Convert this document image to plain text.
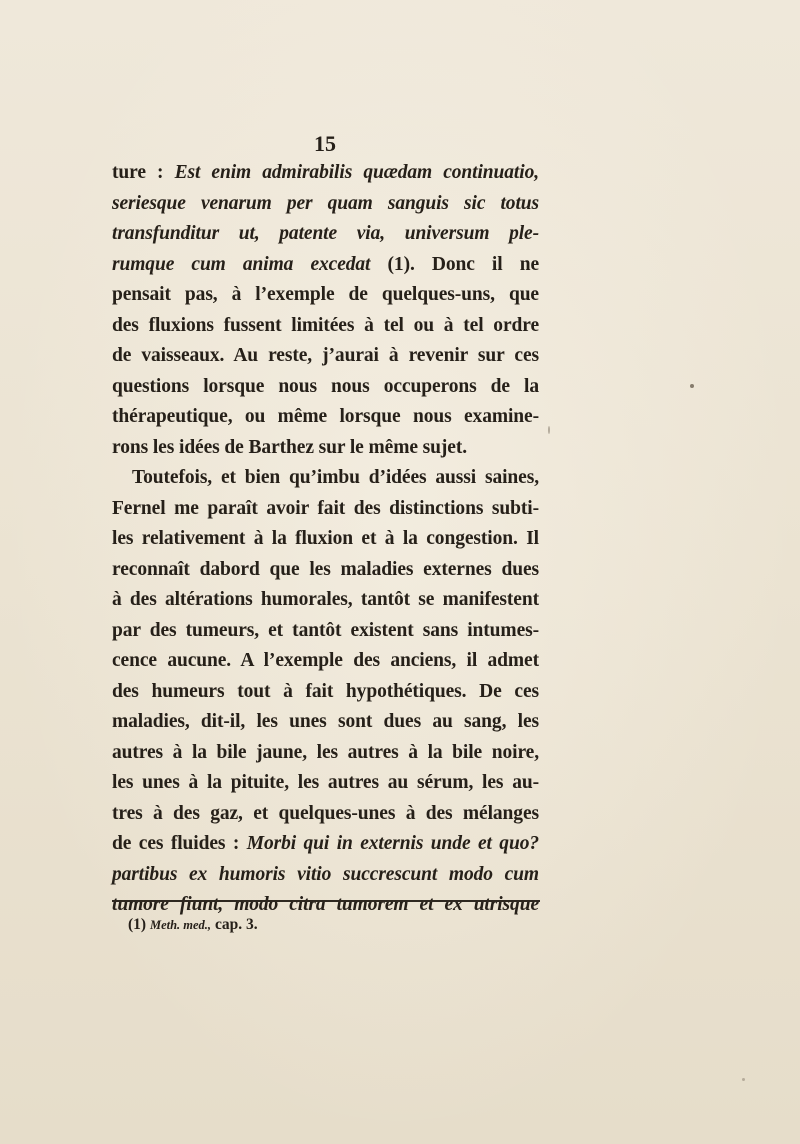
15
ture : Est enim admirabilis quædam continuatio,
seriesque venarum per quam sanguis sic totus
transfunditur ut, patente via, universum ple-
rumque cum anima excedat (1). Donc il ne
pensait pas, à l’exemple de quelques-uns, que
des fluxions fussent limitées à tel ou à tel ordre
de vaisseaux. Au reste, j’aurai à revenir sur ces
questions lorsque nous nous occuperons de la
thérapeutique, ou même lorsque nous examine-
rons les idées de Barthez sur le même sujet.
Toutefois, et bien qu’imbu d’idées aussi saines,
Fernel me paraît avoir fait des distinctions subti-
les relativement à la fluxion et à la congestion. Il
reconnaît dabord que les maladies externes dues
à des altérations humorales, tantôt se manifestent
par des tumeurs, et tantôt existent sans intumes-
cence aucune. A l’exemple des anciens, il admet
des humeurs tout à fait hypothétiques. De ces
maladies, dit-il, les unes sont dues au sang, les
autres à la bile jaune, les autres à la bile noire,
les unes à la pituite, les autres au sérum, les au-
tres à des gaz, et quelques-unes à des mélanges
de ces fluides : Morbi qui in externis unde et quo?
partibus ex humoris vitio succrescunt modo cum
tumore fiunt, modo citra tumorem et ex utrisque
(1) Meth. med., cap. 3.
